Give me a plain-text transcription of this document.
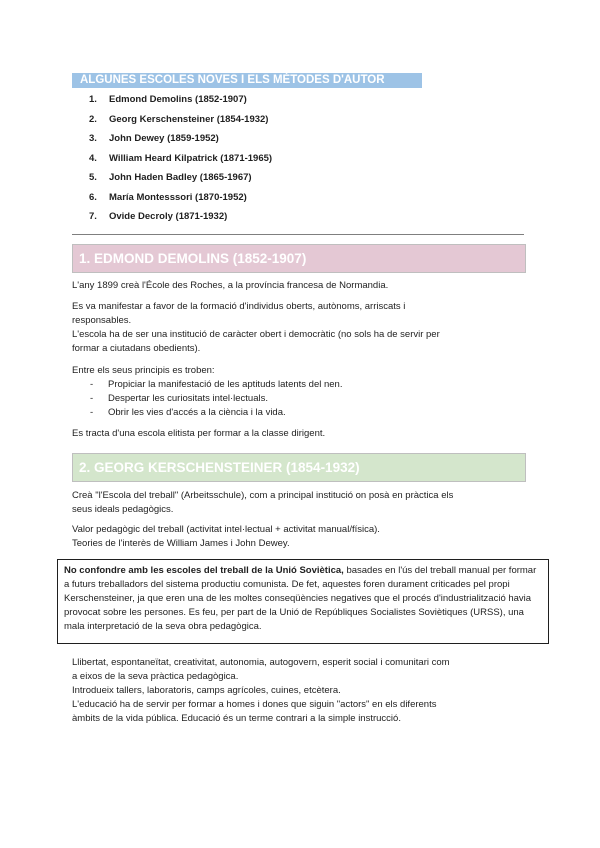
ALGUNES ESCOLES NOVES I ELS MÈTODES D'AUTOR
1. Edmond Demolins (1852-1907)
2. Georg Kerschensteiner (1854-1932)
3. John Dewey (1859-1952)
4. William Heard Kilpatrick (1871-1965)
5. John Haden Badley (1865-1967)
6. María Montesssori (1870-1952)
7. Ovide Decroly (1871-1932)
1. EDMOND DEMOLINS (1852-1907)
L'any 1899 creà l'École des Roches, a la província francesa de Normandia.
Es va manifestar a favor de la formació d'individus oberts, autònoms, arriscats i
responsables.
L'escola ha de ser una institució de caràcter obert i democràtic (no sols ha de servir per
formar a ciutadans obedients).
Entre els seus principis es troben:
- Propiciar la manifestació de les aptituds latents del nen.
- Despertar les curiositats intel·lectuals.
- Obrir les vies d'accés a la ciència i la vida.
Es tracta d'una escola elitista per formar a la classe dirigent.
2. GEORG KERSCHENSTEINER (1854-1932)
Creà "l'Escola del treball" (Arbeitsschule), com a principal institució on posà en pràctica els
seus ideals pedagògics.
Valor pedagògic del treball (activitat intel·lectual + activitat manual/física).
Teories de l'interès de William James i John Dewey.
No confondre amb les escoles del treball de la Unió Soviètica, basades en l'ús del treball manual per formar a futurs treballadors del sistema productiu comunista. De fet, aquestes foren durament criticades pel propi Kerschensteiner, ja que eren una de les moltes conseqüències negatives que el procés d'industrialització havia provocat sobre les persones. Es feu, per part de la Unió de Repúbliques Socialistes Soviètiques (URSS), una mala interpretació de la seva obra pedagògica.
Llibertat, espontaneïtat, creativitat, autonomia, autogovern, esperit social i comunitari com
a eixos de la seva pràctica pedagògica.
Introdueix tallers, laboratoris, camps agrícoles, cuines, etcètera.
L'educació ha de servir per formar a homes i dones que siguin "actors" en els diferents
àmbits de la vida pública. Educació és un terme contrari a la simple instrucció.
